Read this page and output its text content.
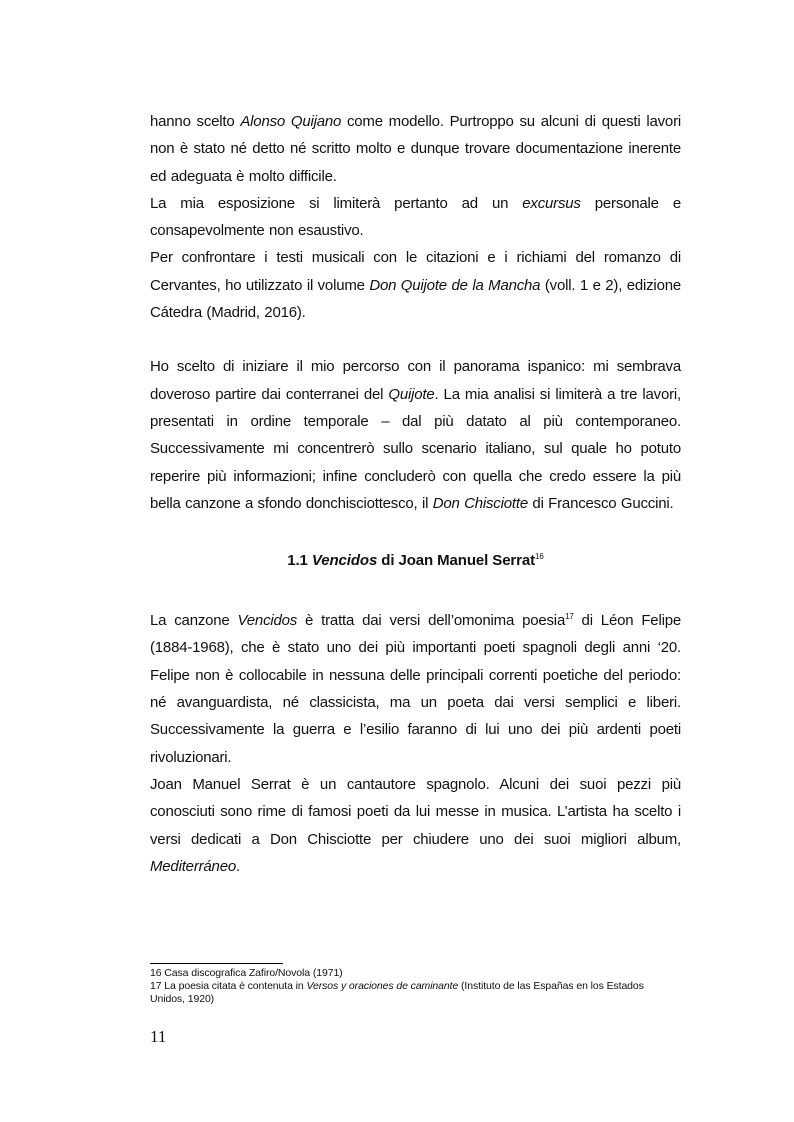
hanno scelto Alonso Quijano come modello. Purtroppo su alcuni di questi lavori non è stato né detto né scritto molto e dunque trovare documentazione inerente ed adeguata è molto difficile.

La mia esposizione si limiterà pertanto ad un excursus personale e consapevolmente non esaustivo.

Per confrontare i testi musicali con le citazioni e i richiami del romanzo di Cervantes, ho utilizzato il volume Don Quijote de la Mancha (voll. 1 e 2), edizione Cátedra (Madrid, 2016).

Ho scelto di iniziare il mio percorso con il panorama ispanico: mi sembrava doveroso partire dai conterranei del Quijote. La mia analisi si limiterà a tre lavori, presentati in ordine temporale – dal più datato al più contemporaneo. Successivamente mi concentrerò sullo scenario italiano, sul quale ho potuto reperire più informazioni; infine concluderò con quella che credo essere la più bella canzone a sfondo donchisciottesco, il Don Chisciotte di Francesco Guccini.

1.1 Vencidos di Joan Manuel Serrat$^{16}$

La canzone Vencidos è tratta dai versi dell’omonima poesia$^{17}$ di Léon Felipe (1884-1968), che è stato uno dei più importanti poeti spagnoli degli anni ‘20. Felipe non è collocabile in nessuna delle principali correnti poetiche del periodo: né avanguardista, né classicista, ma un poeta dai versi semplici e liberi. Successivamente la guerra e l’esilio faranno di lui uno dei più ardenti poeti rivoluzionari.

Joan Manuel Serrat è un cantautore spagnolo. Alcuni dei suoi pezzi più conosciuti sono rime di famosi poeti da lui messe in musica. L’artista ha scelto i versi dedicati a Don Chisciotte per chiudere uno dei suoi migliori album, Mediterráneo.

16 Casa discografica Zafiro/Novola (1971)

17 La poesia citata è contenuta in Versos y oraciones de caminante (Instituto de las Españas en los Estados Unidos, 1920)

11
